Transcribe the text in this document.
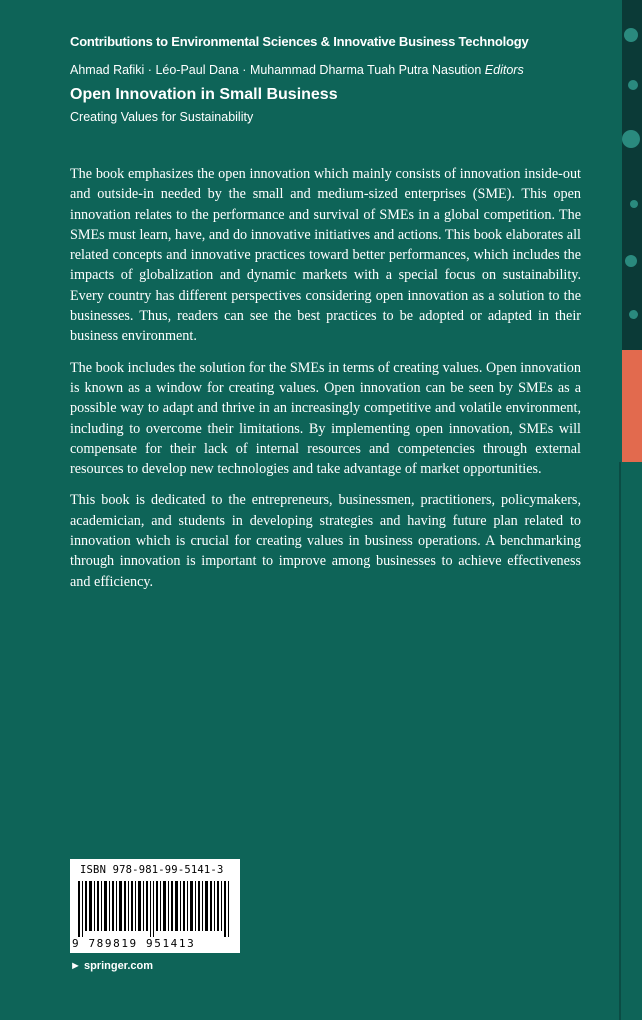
Contributions to Environmental Sciences & Innovative Business Technology
Ahmad Rafiki · Léo-Paul Dana · Muhammad Dharma Tuah Putra Nasution Editors
Open Innovation in Small Business
Creating Values for Sustainability

The book emphasizes the open innovation which mainly consists of innovation inside-out and outside-in needed by the small and medium-sized enterprises (SME). This open innovation relates to the performance and survival of SMEs in a global competition. The SMEs must learn, have, and do innovative initiatives and actions. This book elaborates all related concepts and innovative practices toward better performances, which includes the impacts of globalization and dynamic markets with a special focus on sustainability. Every country has different perspectives considering open innovation as a solution to the businesses. Thus, readers can see the best practices to be adopted or adapted in their business environment.

The book includes the solution for the SMEs in terms of creating values. Open innovation is known as a window for creating values. Open innovation can be seen by SMEs as a possible way to adapt and thrive in an increasingly competitive and volatile environment, including to overcome their limitations. By implementing open innovation, SMEs will compensate for their lack of internal resources and competencies through external resources to develop new technologies and take advantage of market opportunities.

This book is dedicated to the entrepreneurs, businessmen, practitioners, policymakers, academician, and students in developing strategies and having future plan related to innovation which is crucial for creating values in business operations. A benchmarking through innovation is important to improve among businesses to achieve effectiveness and efficiency.

ISBN 978-981-99-5141-3
9 789819 951413
► springer.com
